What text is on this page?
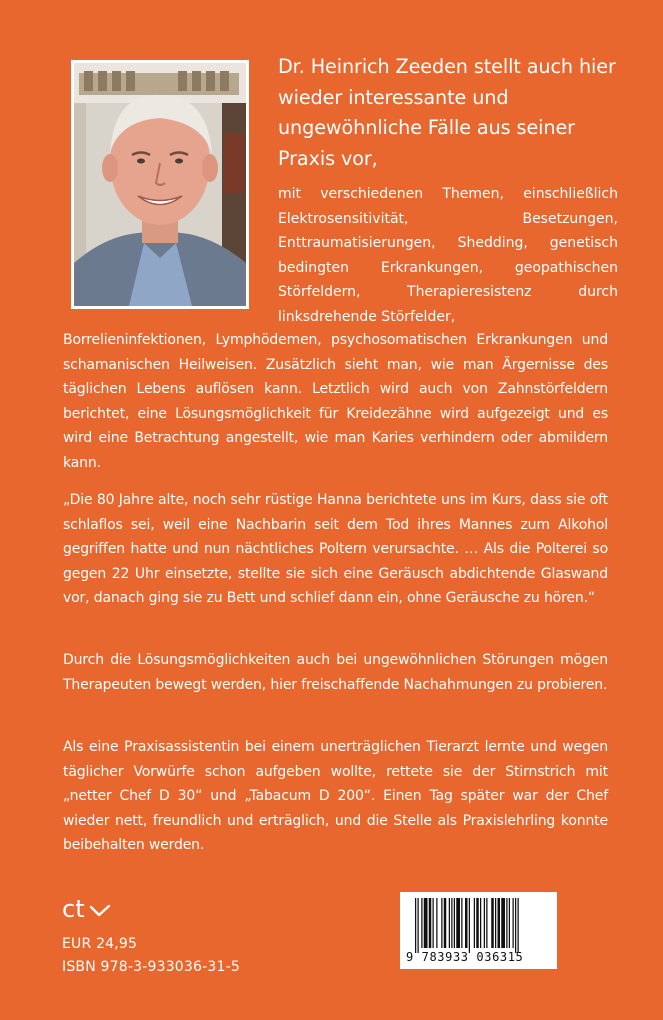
Dr. Heinrich Zeeden stellt auch hier wieder interessante und ungewöhnliche Fälle aus seiner Praxis vor,

mit verschiedenen Themen, einschließlich Elektrosensitivität, Besetzungen, Enttraumatisierungen, Shedding, genetisch bedingten Erkrankungen, geopathischen Störfeldern, Therapieresistenz durch linksdrehende Störfelder,

Borrelieninfektionen, Lymphödemen, psychosomatischen Erkrankungen und schamanischen Heilweisen. Zusätzlich sieht man, wie man Ärgernisse des täglichen Lebens auflösen kann. Letztlich wird auch von Zahnstörfeldern berichtet, eine Lösungsmöglichkeit für Kreidezähne wird aufgezeigt und es wird eine Betrachtung angestellt, wie man Karies verhindern oder abmildern kann.

„Die 80 Jahre alte, noch sehr rüstige Hanna berichtete uns im Kurs, dass sie oft schlaflos sei, weil eine Nachbarin seit dem Tod ihres Mannes zum Alkohol gegriffen hatte und nun nächtliches Poltern verursachte. … Als die Polterei so gegen 22 Uhr einsetzte, stellte sie sich eine Geräusch abdichtende Glaswand vor, danach ging sie zu Bett und schlief dann ein, ohne Geräusche zu hören.“

Durch die Lösungsmöglichkeiten auch bei ungewöhnlichen Störungen mögen Therapeuten bewegt werden, hier freischaffende Nachahmungen zu probieren.

Als eine Praxisassistentin bei einem unerträglichen Tierarzt lernte und wegen täglicher Vorwürfe schon aufgeben wollte, rettete sie der Stirnstrich mit „netter Chef D 30“ und „Tabacum D 200“. Einen Tag später war der Chef wieder nett, freundlich und erträglich, und die Stelle als Praxislehrling konnte beibehalten werden.

ct
EUR 24,95
ISBN 978-3-933036-31-5
9 783933 036315
